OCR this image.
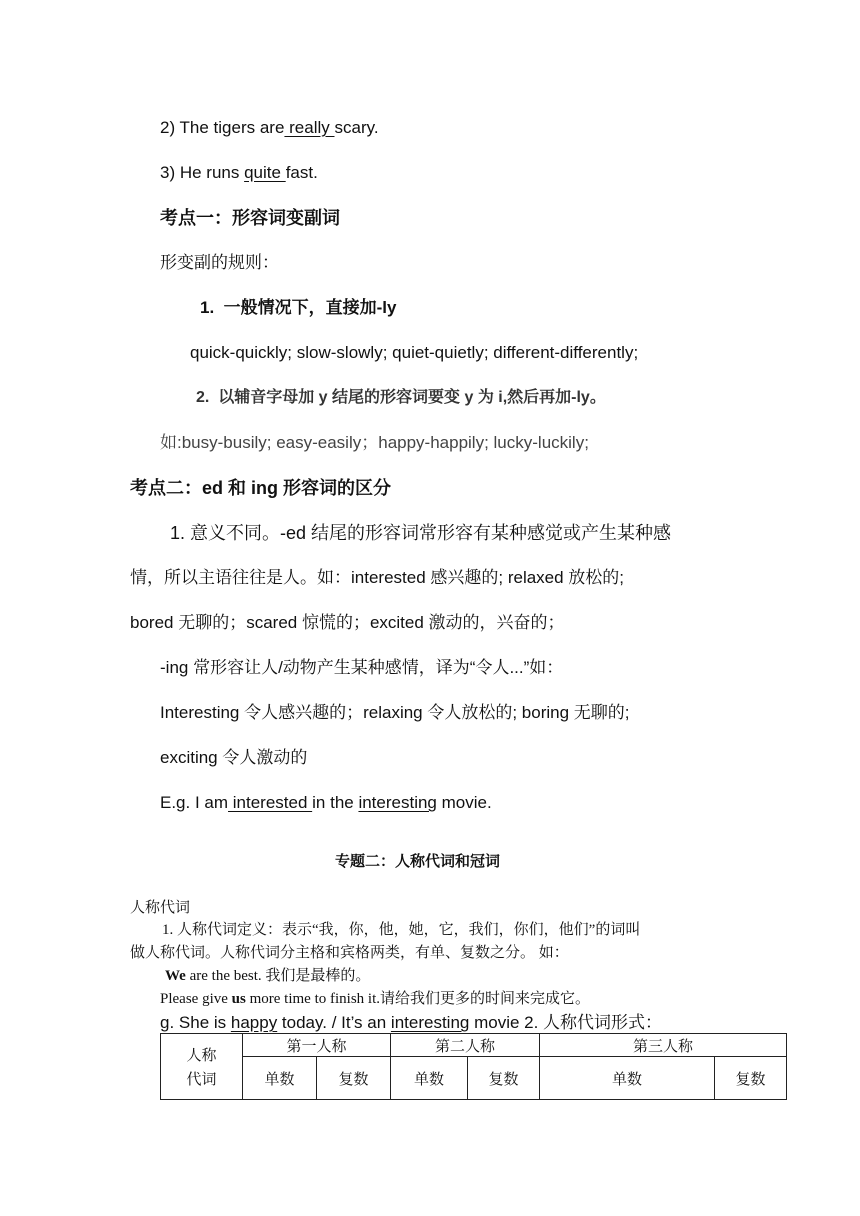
2) The tigers are really scary.
3) He runs quite fast.
考点一：形容词变副词
形变副的规则：
1. 一般情况下，直接加-ly
quick-quickly; slow-slowly; quiet-quietly; different-differently;
2. 以辅音字母加 y 结尾的形容词要变 y 为 i,然后再加-ly。
如:busy-busily; easy-easily；happy-happily; lucky-luckily;
考点二：ed 和 ing 形容词的区分
1. 意义不同。-ed 结尾的形容词常形容有某种感觉或产生某种感
情，所以主语往往是人。如：interested 感兴趣的; relaxed 放松的;
bored 无聊的；scared 惊慌的；excited 激动的，兴奋的；
-ing 常形容让人/动物产生某种感情，译为“令人...”如：
Interesting 令人感兴趣的；relaxing 令人放松的; boring 无聊的;
exciting 令人激动的
E.g. I am interested in the interesting movie.
专题二：人称代词和冠词
人称代词
1. 人称代词定义：表示“我，你，他，她，它，我们，你们，他们”的词叫
做人称代词。人称代词分主格和宾格两类，有单、复数之分。 如：
We are the best. 我们是最棒的。
Please give us more time to finish it.请给我们更多的时间来完成它。
g. She is happy today. / It’s an interesting movie 2. 人称代词形式：
人称代词	第一人称		第二人称		第三人称	
	单数	复数	单数	复数	单数	复数
